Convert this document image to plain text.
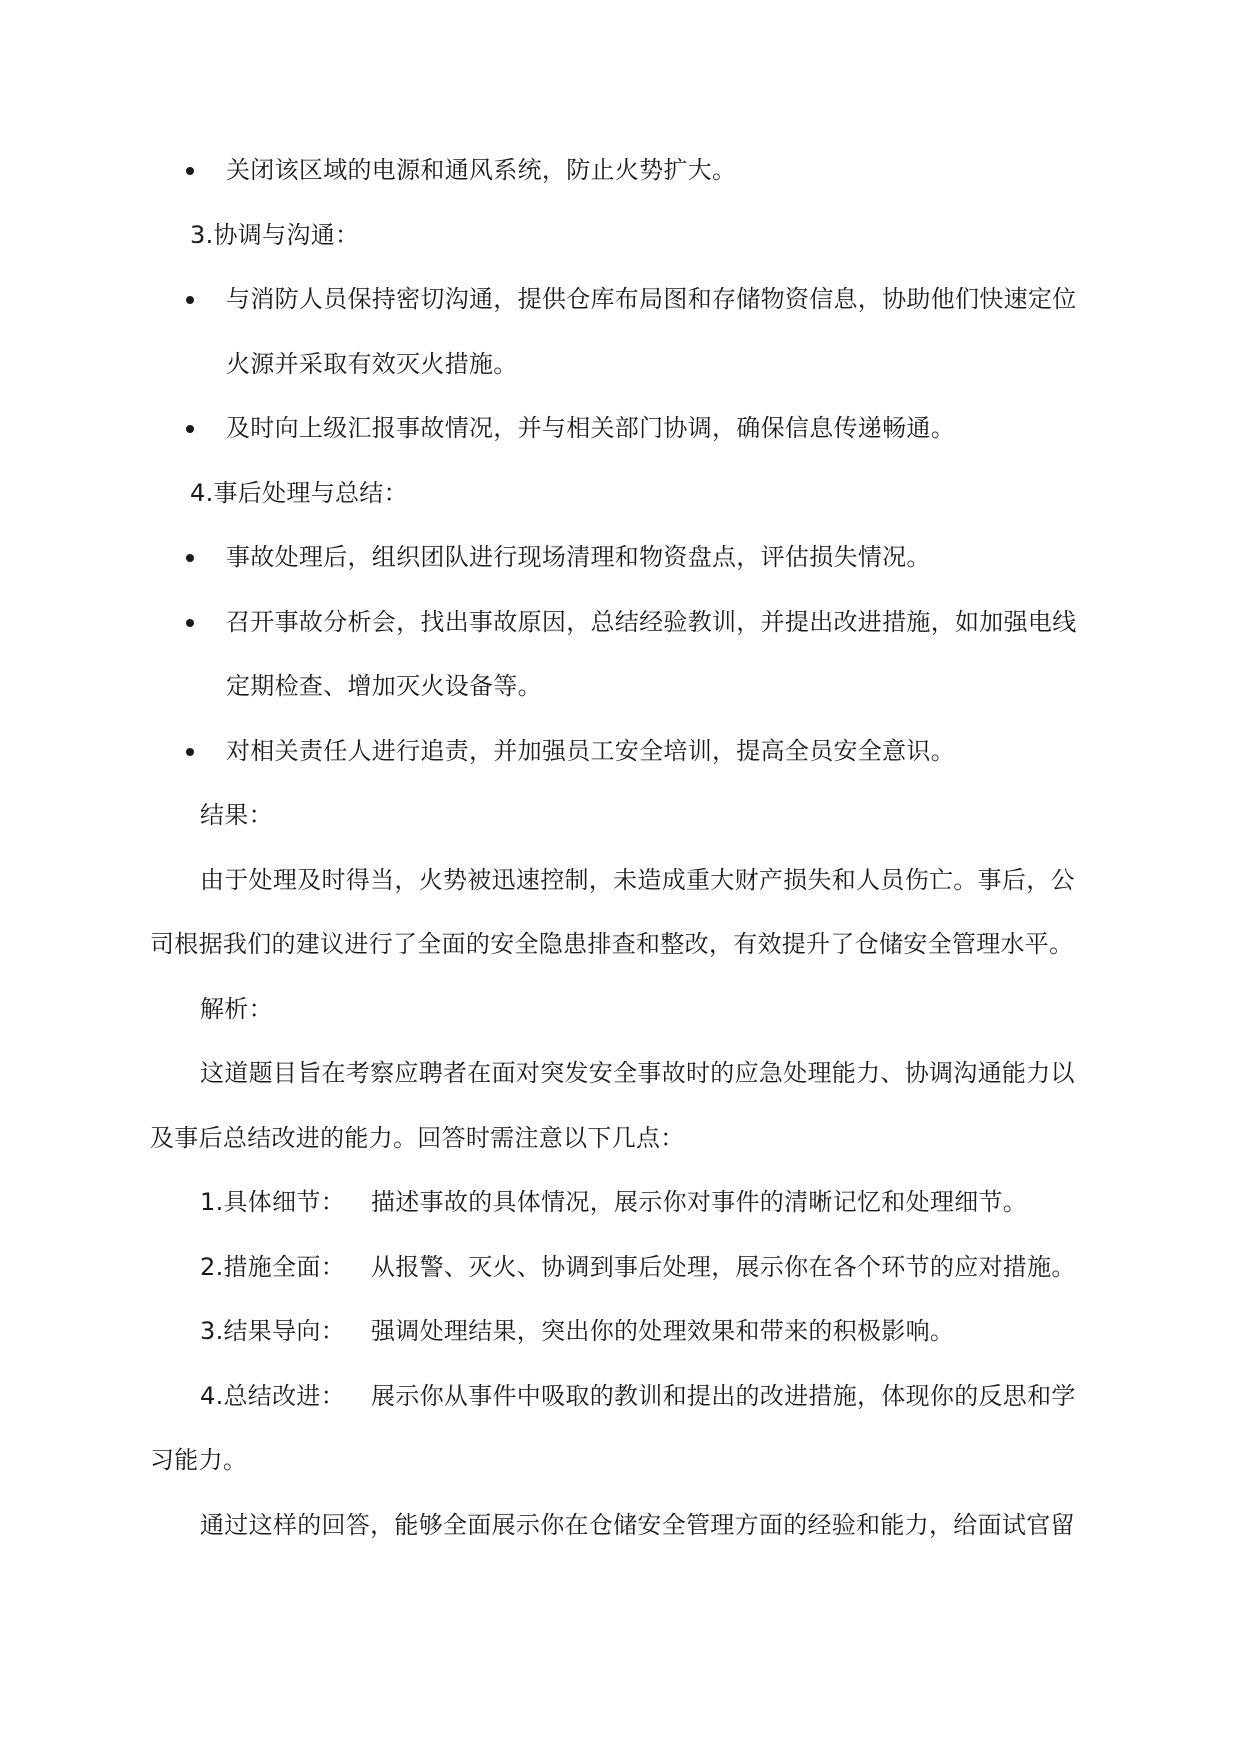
关闭该区域的电源和通风系统，防止火势扩大。
3.协调与沟通：
与消防人员保持密切沟通，提供仓库布局图和存储物资信息，协助他们快速定位
火源并采取有效灭火措施。
及时向上级汇报事故情况，并与相关部门协调，确保信息传递畅通。
4.事后处理与总结：
事故处理后，组织团队进行现场清理和物资盘点，评估损失情况。
召开事故分析会，找出事故原因，总结经验教训，并提出改进措施，如加强电线
定期检查、增加灭火设备等。
对相关责任人进行追责，并加强员工安全培训，提高全员安全意识。
结果：
由于处理及时得当，火势被迅速控制，未造成重大财产损失和人员伤亡。事后，公
司根据我们的建议进行了全面的安全隐患排查和整改，有效提升了仓储安全管理水平。
解析：
这道题目旨在考察应聘者在面对突发安全事故时的应急处理能力、协调沟通能力以
及事后总结改进的能力。回答时需注意以下几点：
1.具体细节： 描述事故的具体情况，展示你对事件的清晰记忆和处理细节。
2.措施全面： 从报警、灭火、协调到事后处理，展示你在各个环节的应对措施。
3.结果导向： 强调处理结果，突出你的处理效果和带来的积极影响。
4.总结改进： 展示你从事件中吸取的教训和提出的改进措施，体现你的反思和学
习能力。
通过这样的回答，能够全面展示你在仓储安全管理方面的经验和能力，给面试官留
